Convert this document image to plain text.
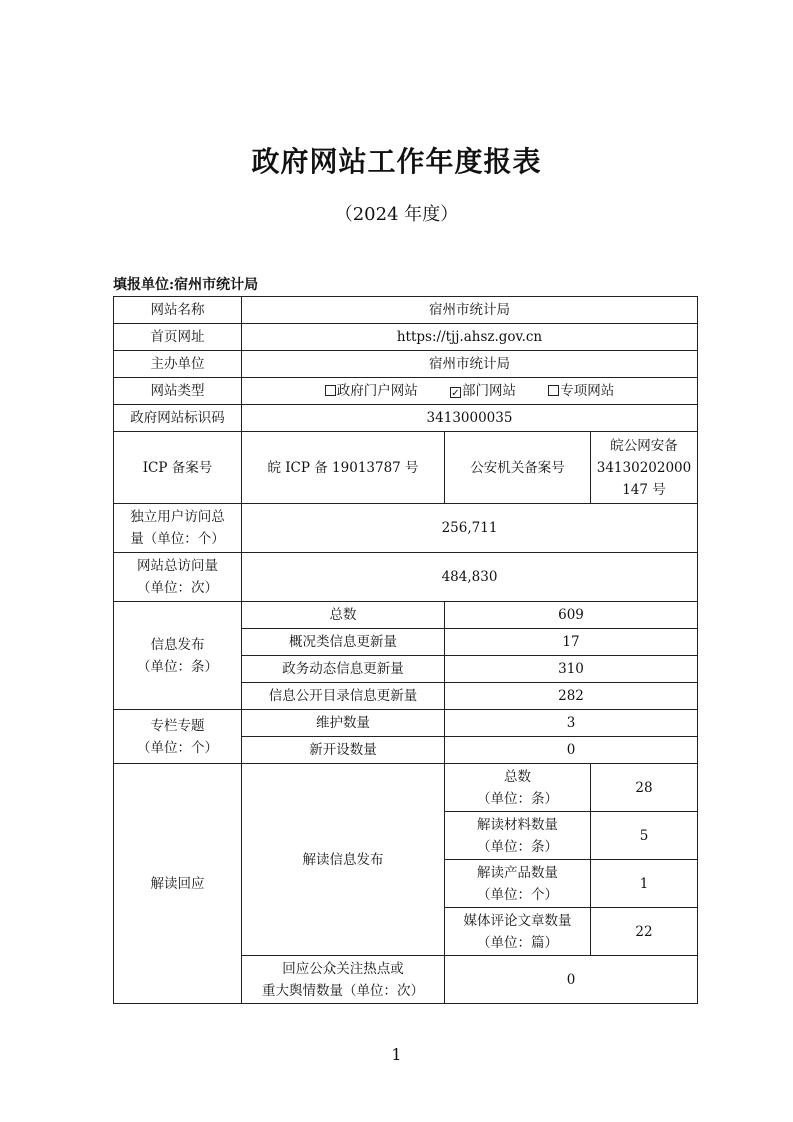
政府网站工作年度报表
（2024 年度）
填报单位:宿州市统计局
网站名称	宿州市统计局		
首页网址	https://tjj.ahsz.gov.cn		
主办单位	宿州市统计局		
网站类型	政府门户网站 ✓ 部门网站 专项网站		
政府网站标识码	3413000035		
ICP 备案号	皖 ICP 备 19013787 号	公安机关备案号	皖公网安备
34130202000
147 号

独立用户访问总
量（单位：个）	256,711		

网站总访问量
（单位：次）	484,830		

信息发布
（单位：条）	总数	609	
	概况类信息更新量	17	
	政务动态信息更新量	310	
	信息公开目录信息更新量	282	

专栏专题
（单位：个）	维护数量	3	
	新开设数量	0	
解读回应	解读信息发布	总数
（单位：条）	28

		解读材料数量
（单位：条）	5

		解读产品数量
（单位：个）	1

		媒体评论文章数量
（单位：篇）	22

	回应公众关注热点或
重大舆情数量（单位：次）	0	
1
